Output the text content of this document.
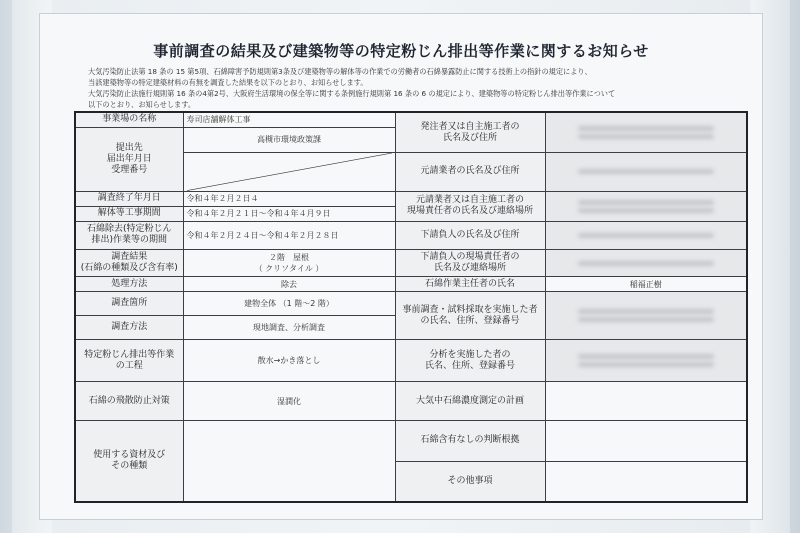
事前調査の結果及び建築物等の特定粉じん排出等作業に関するお知らせ

大気汚染防止法第 18 条の 15 第5項、石綿障害予防規則第3条及び建築物等の解体等の作業での労働者の石綿暴露防止に関する技術上の指針の規定により、

当該建築物等の特定建築材料の有無を調査した結果を以下のとおり、お知らせします。

大気汚染防止法施行規則第 16 条の4第2号、大阪府生活環境の保全等に関する条例施行規則第 16 条の 6 の規定により、建築物等の特定粉じん排出等作業について

以下のとおり、お知らせします。

事業場の名称	寿司店舗解体工事	発注者又は自主施工者の
氏名及び住所	

提出先
届出年月日
受理番号	高槻市環境政策課		

	元請業者の氏名及び住所	

調査終了年月日	令和４年２月２日４	元請業者又は自主施工者の
現場責任者の氏名及び連絡場所	

解体等工事期間	令和４年２月２１日～令和４年４月９日		
石綿除去(特定粉じん
排出)作業等の期間	令和４年２月２４日～令和４年２月２８日	下請負人の氏名及び住所	

調査結果
(石綿の種類及び含有率)	２階　屋根
（ クリソタイル ）	下請負人の現場責任者の
氏名及び連絡場所	

処理方法	除去	石綿作業主任者の氏名	稲福正樹
調査箇所	建物全体 （1 階～2 階）	事前調査・試料採取を実施した者
の氏名、住所、登録番号	

調査方法	現地調査、分析調査		
特定粉じん排出等作業
の工程	散水→かき落とし	分析を実施した者の
氏名、住所、登録番号	

石綿の飛散防止対策	湿潤化	大気中石綿濃度測定の計画	
使用する資材及び
その種類		石綿含有なしの判断根拠	
		その他事項	
